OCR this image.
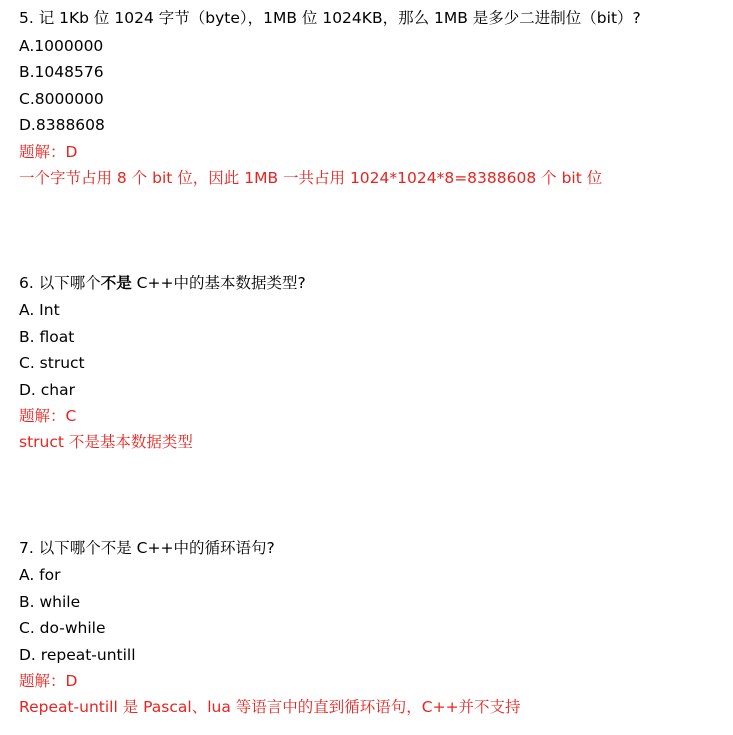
5. 记 1Kb 位 1024 字节（byte），1MB 位 1024KB，那么 1MB 是多少二进制位（bit）?
A.1000000
B.1048576
C.8000000
D.8388608
题解：D
一个字节占用 8 个 bit 位，因此 1MB 一共占用 1024*1024*8=8388608 个 bit 位
6. 以下哪个不是 C++中的基本数据类型?
A. Int
B. float
C. struct
D. char
题解：C
struct 不是基本数据类型
7. 以下哪个不是 C++中的循环语句?
A. for
B. while
C. do-while
D. repeat-untill
题解：D
Repeat-untill 是 Pascal、lua 等语言中的直到循环语句，C++并不支持
